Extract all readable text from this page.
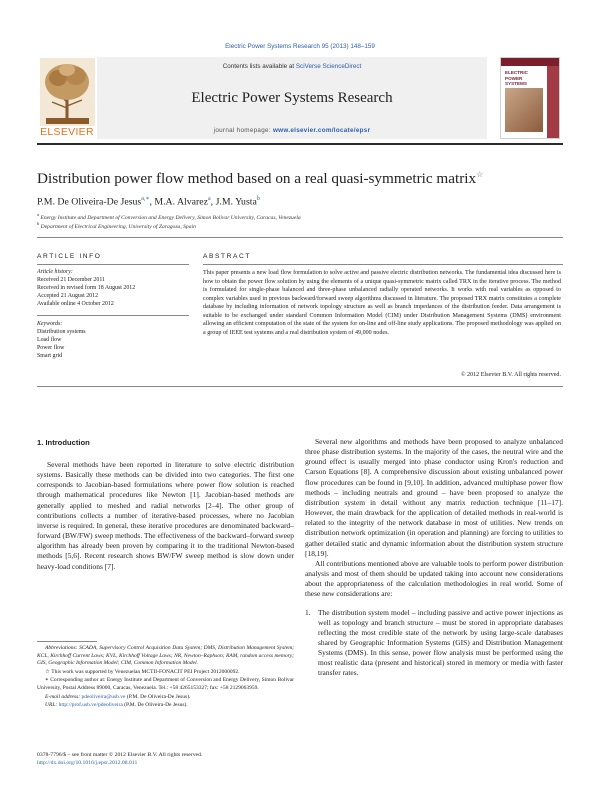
Electric Power Systems Research 95 (2013) 148–159
Contents lists available at SciVerse ScienceDirect
Electric Power Systems Research
journal homepage: www.elsevier.com/locate/epsr
ELSEVIER
ELECTRIC POWER SYSTEMS
Distribution power flow method based on a real quasi-symmetric matrix☆
P.M. De Oliveira-De Jesus$^{a,∗}$, M.A. Alvarez$^a$, J.M. Yusta$^b$
$^a$ Energy Institute and Department of Conversion and Energy Delivery, Simon Bolivar University, Caracas, Venezuela
$^b$ Department of Electrical Engineering, University of Zaragoza, Spain
ARTICLE INFO
Article history:
Received 21 December 2011
Received in revised form 18 August 2012
Accepted 21 August 2012
Available online 4 October 2012
Keywords:
Distribution systems
Load flow
Power flow
Smart grid
ABSTRACT
This paper presents a new load flow formulation to solve active and passive electric distribution networks. The fundamental idea discussed here is how to obtain the power flow solution by using the elements of a unique quasi-symmetric matrix called TRX in the iterative process. The method is formulated for single-phase balanced and three-phase unbalanced radially operated networks. It works with real variables as opposed to complex variables used in previous backward/forward sweep algorithms discussed in literature. The proposed TRX matrix constitutes a complete database by including information of network topology structure as well as branch impedances of the distribution feeder. Data arrangement is suitable to be exchanged under standard Common Information Model (CIM) under Distribution Management Systems (DMS) environment allowing an efficient computation of the state of the system for on-line and off-line study applications. The proposed methodology was applied on a group of IEEE test systems and a real distribution system of 49,000 nodes.
© 2012 Elsevier B.V. All rights reserved.
1. Introduction

Several methods have been reported in literature to solve electric distribution systems. Basically these methods can be divided into two categories. The first one corresponds to Jacobian-based formulations where power flow solution is reached through mathematical procedures like Newton [1]. Jacobian-based methods are generally applied to meshed and radial networks [2–4]. The other group of contributions collects a number of iterative-based processes, where no Jacobian inverse is required. In general, these iterative procedures are denominated backward–forward (BW/FW) sweep methods. The effectiveness of the backward–forward sweep algorithm has already been proven by comparing it to the traditional Newton-based methods [5,6]. Recent research shows BW/FW sweep method is slow down under heavy-load conditions [7].

Several new algorithms and methods have been proposed to analyze unbalanced three phase distribution systems. In the majority of the cases, the neutral wire and the ground effect is usually merged into phase conductor using Kron's reduction and Carson Equations [8]. A comprehensive discussion about existing unbalanced power flow procedures can be found in [9,10]. In addition, advanced multiphase power flow methods – including neutrals and ground – have been proposed to analyze the distribution system in detail without any matrix reduction technique [11–17]. However, the main drawback for the application of detailed methods in real-world is related to the integrity of the network database in most of utilities. New trends on distribution network optimization (in operation and planning) are forcing to utilities to gather detailed static and dynamic information about the distribution system structure [18,19].

All contributions mentioned above are valuable tools to perform power distribution analysis and most of them should be updated taking into account new considerations about the appropriateness of the calculation methodologies in real world. Some of these new considerations are:

1. The distribution system model – including passive and active power injections as well as topology and branch structure – must be stored in appropriate databases reflecting the most credible state of the network by using large-scale databases shared by Geographic Information Systems (GIS) and Distribution Management Systems (DMS). In this sense, power flow analysis must be performed using the most realistic data (present and historical) stored in memory or media with faster transfer rates.

Abbreviations: SCADA, Supervisory Control Acquisition Data System; DMS, Distribution Management System; KCL, Kirchhoff Current Laws; KVL, Kirchhoff Voltage Laws; NR, Newton–Raphson; RAM, random access memory; GIS, Geographic Information Model; CIM, Common Information Model.

☆ This work was supported by Venezuelan MCTII-FONACIT PEI Project 2012000092.

∗ Corresponding author at: Energy Institute and Department of Conversion and Energy Delivery, Simon Bolivar University, Postal Address 89000, Caracas, Venezuela. Tel.: +58 4265153327; fax: +58 2129063959.

E-mail address: pdeoliveira@usb.ve (P.M. De Oliveira-De Jesus).

URL: http://prof.usb.ve/pdeoliveira (P.M. De Oliveira-De Jesus).

0378-7796/$ – see front matter © 2012 Elsevier B.V. All rights reserved.
http://dx.doi.org/10.1016/j.epsr.2012.08.011
